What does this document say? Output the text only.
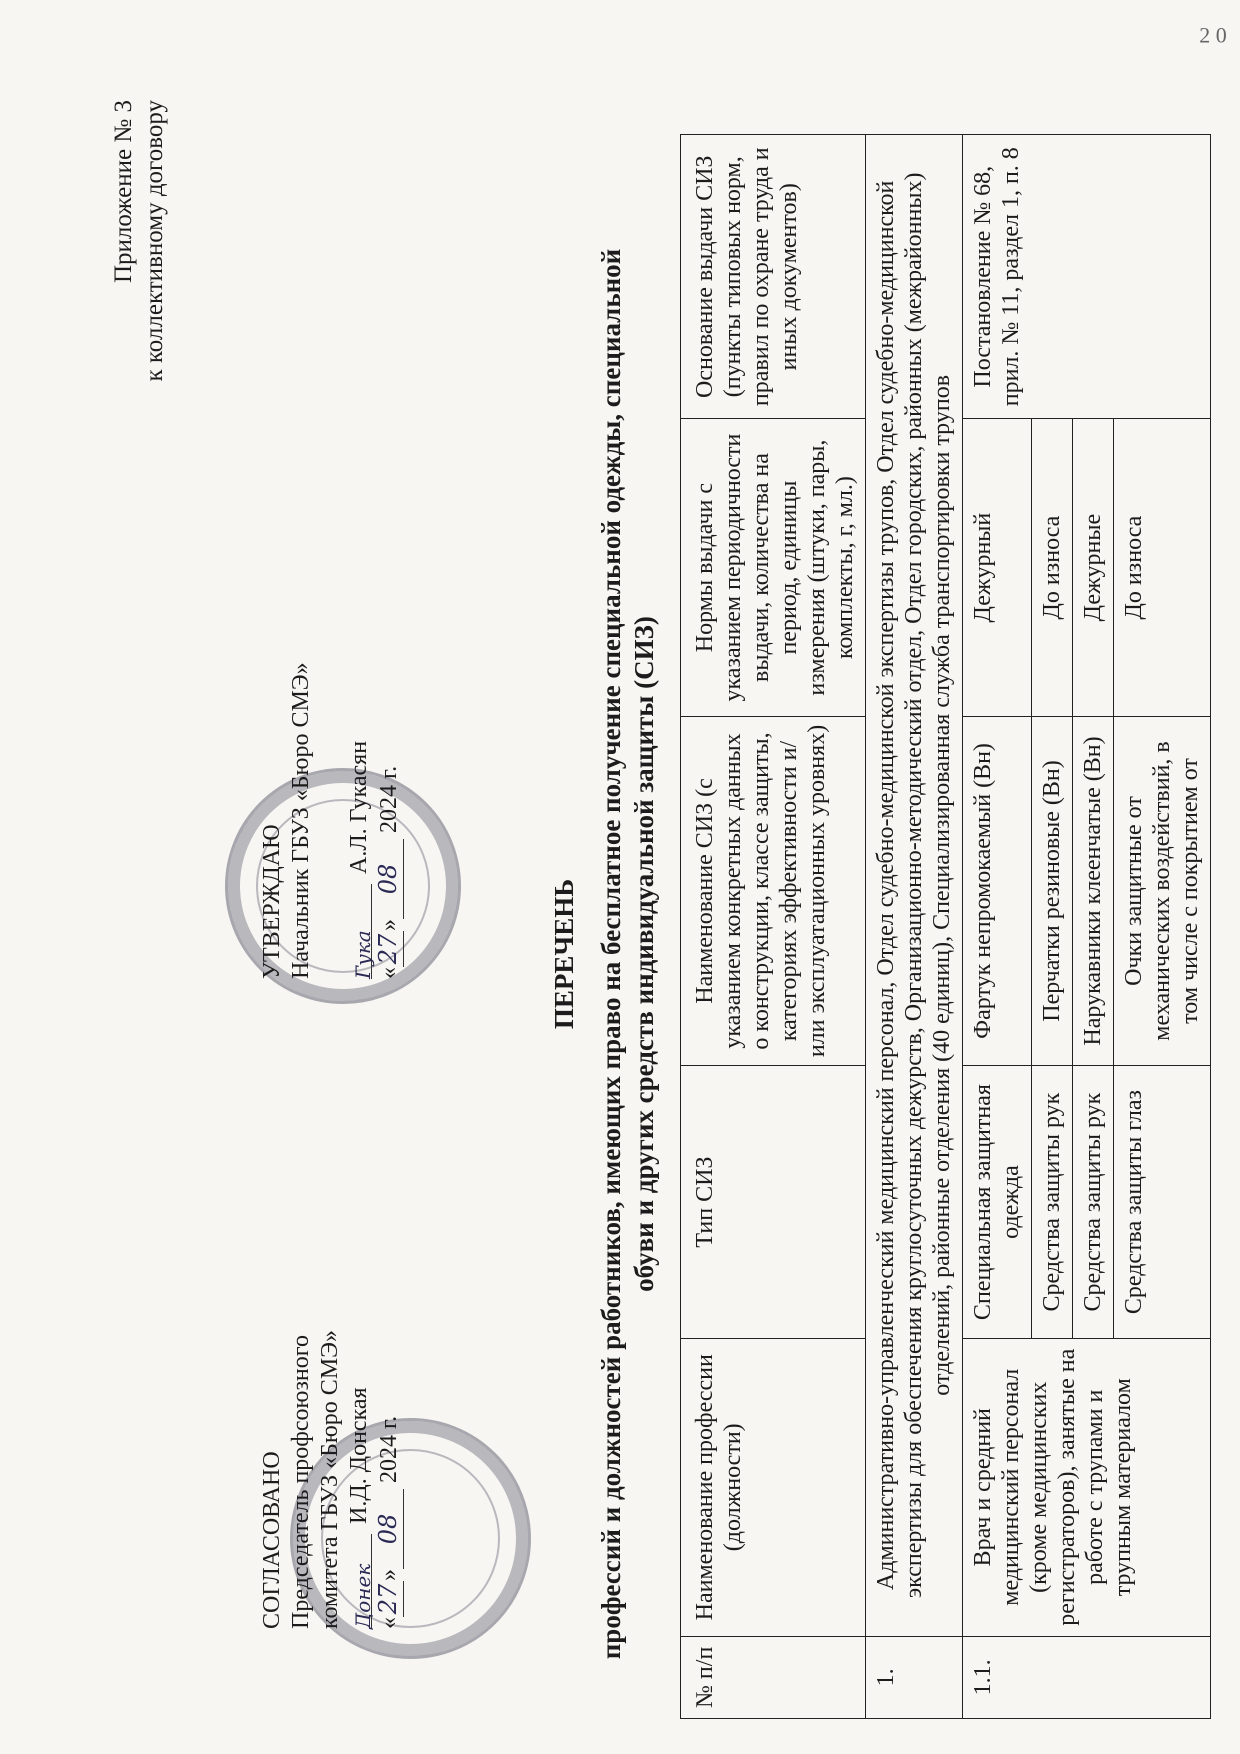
2 0
Приложение № 3 к коллективному договору
СОГЛАСОВАНО Председатель профсоюзного комитета ГБУЗ «Бюро СМЭ» ДонекИ.Д. Донская
«27»08 2024 г.
УТВЕРЖДАЮ Начальник ГБУЗ «Бюро СМЭ»	ГукаА.Л. Гукасян
«27»08 2024 г.
ПЕРЕЧЕНЬ профессий и должностей работников, имеющих право на бесплатное получение специальной одежды, специальной обуви и других средств индивидуальной защиты (СИЗ)
№ п/п	Наименование профессии (должности)	Тип СИЗ	Наименование СИЗ (с указанием конкретных данных о конструкции, классе защиты, категориях эффективности и/или эксплуатационных уровнях)	Нормы выдачи с указанием периодичности выдачи, количества на период, единицы измерения (штуки, пары, комплекты, г, мл.)	Основание выдачи СИЗ (пункты типовых норм, правил по охране труда и иных документов)
1.	Административно-управленческий медицинский персонал, Отдел судебно-медицинской экспертизы трупов, Отдел судебно-медицинской экспертизы для обеспечения круглосуточных дежурств, Организационно-методический отдел, Отдел городских, районных (межрайонных) отделений, районные отделения (40 единиц), Специализированная служба транспортировки трупов				
1.1.	Врач и средний медицинский персонал (кроме медицинских регистраторов), занятые на работе с трупами и трупным материалом	Специальная защитная одежда	Фартук непромокаемый (Вн)	Дежурный	Постановление № 68, прил. № 11, раздел 1, п. 8
		Средства защиты рук	Перчатки резиновые (Вн)	До износа	
		Средства защиты рук	Нарукавники клеенчатые (Вн)	Дежурные	
		Средства защиты глаз	Очки защитные от механических воздействий, в том числе с покрытием от	До износа	
